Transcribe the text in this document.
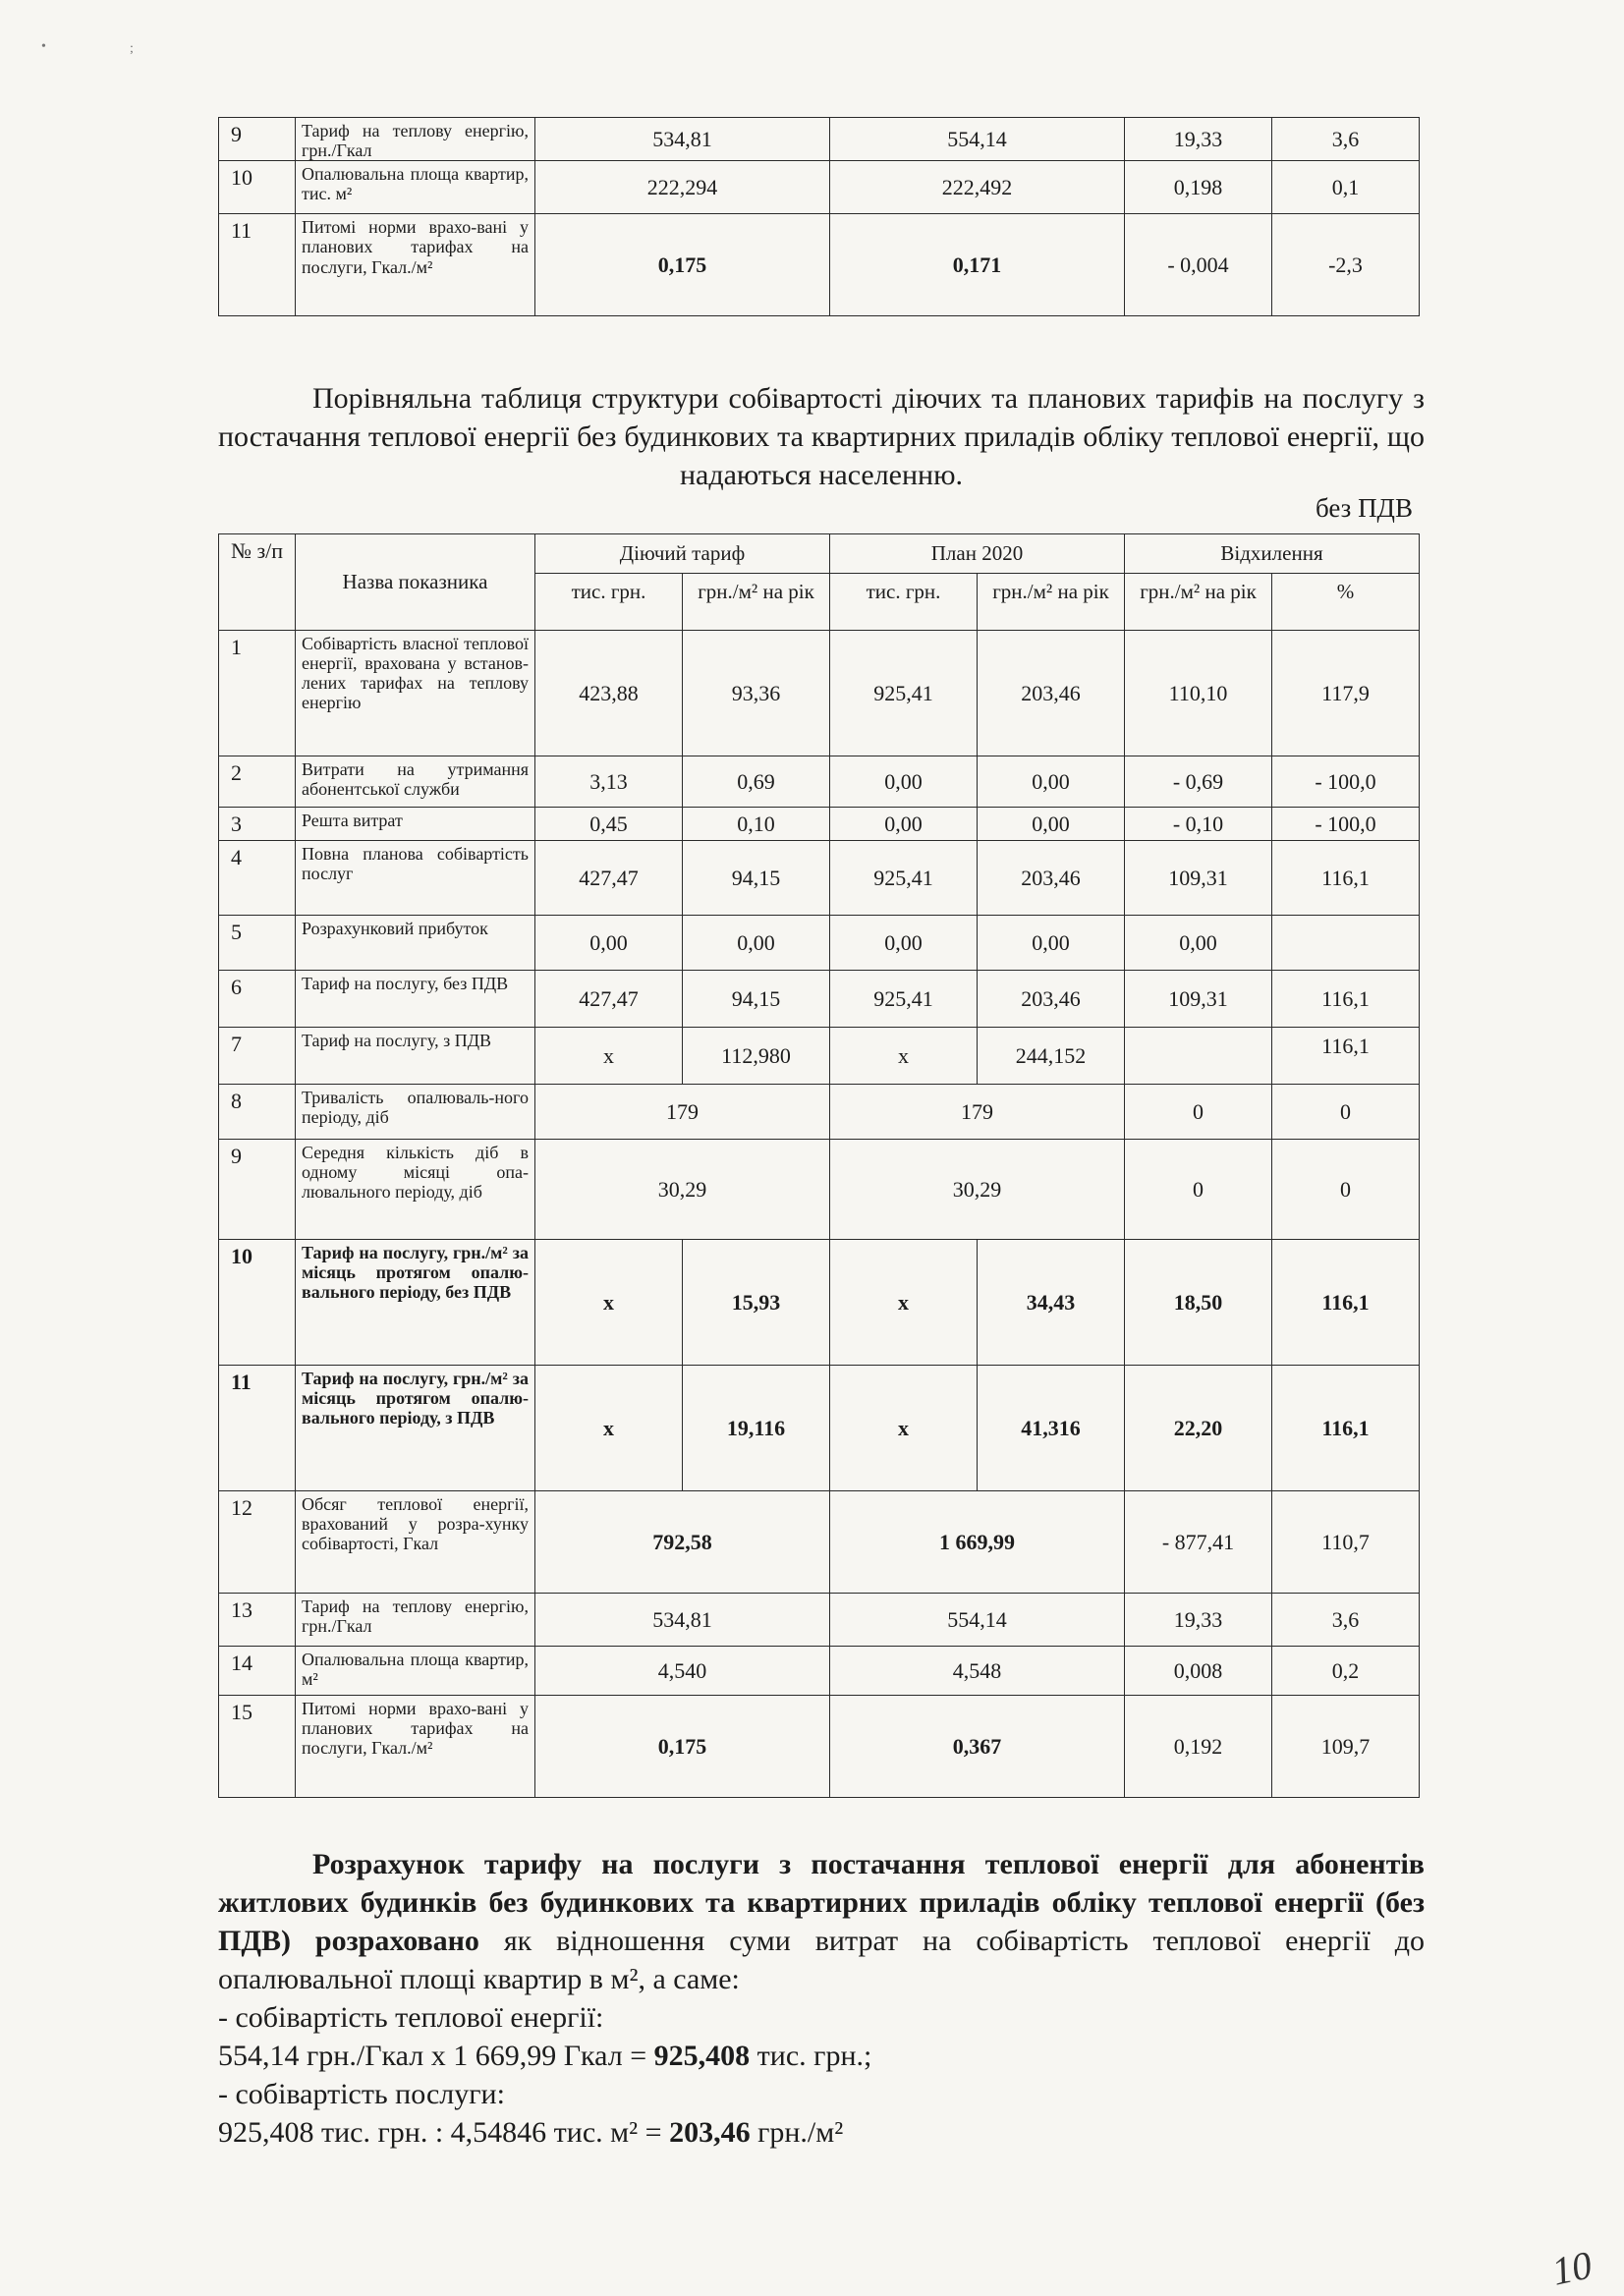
•	;
9	Тариф на теплову енергію, грн./Гкал	534,81	554,14	19,33	3,6
10	Опалювальна площа квартир, тис. м²	222,294	222,492	0,198	0,1
11	Питомі норми врахо-вані у планових тарифах на послуги, Гкал./м²	0,175	0,171	- 0,004	-2,3
Порівняльна таблиця структури собівартості діючих та планових тарифів на послугу з постачання теплової енергії без будинкових та квартирних приладів обліку теплової енергії, що надаються населенню.
без ПДВ
№ з/п	Назва показника	Діючий тариф		План 2020		Відхилення	
		тис. грн.	грн./м² на рік	тис. грн.	грн./м² на рік	грн./м² на рік	%
1	Собівартість власної теплової енергії, врахована у встанов-лених тарифах на теплову енергію	423,88	93,36	925,41	203,46	110,10	117,9
2	Витрати на утримання абонентської служби	3,13	0,69	0,00	0,00	- 0,69	- 100,0
3	Решта витрат	0,45	0,10	0,00	0,00	- 0,10	- 100,0
4	Повна планова собівартість послуг	427,47	94,15	925,41	203,46	109,31	116,1
5	Розрахунковий прибуток	0,00	0,00	0,00	0,00	0,00	
6	Тариф на послугу, без ПДВ	427,47	94,15	925,41	203,46	109,31	116,1
7	Тариф на послугу, з ПДВ	х	112,980	х	244,152		116,1
8	Тривалість опалюваль-ного періоду, діб	179		179		0	0
9	Середня кількість діб в одному місяці опа-лювального періоду, діб	30,29		30,29		0	0
10	Тариф на послугу, грн./м² за місяць протягом опалю-вального періоду, без ПДВ	х	15,93	х	34,43	18,50	116,1
11	Тариф на послугу, грн./м² за місяць протягом опалю-вального періоду, з ПДВ	х	19,116	х	41,316	22,20	116,1
12	Обсяг теплової енергії, врахований у розра-хунку собівартості, Гкал	792,58		1 669,99		- 877,41	110,7
13	Тариф на теплову енергію, грн./Гкал	534,81		554,14		19,33	3,6
14	Опалювальна площа квартир, м²	4,540		4,548		0,008	0,2
15	Питомі норми врахо-вані у планових тарифах на послуги, Гкал./м²	0,175		0,367		0,192	109,7
Розрахунок тарифу на послуги з постачання теплової енергії для абонентів житлових будинків без будинкових та квартирних приладів обліку теплової енергії (без ПДВ) розраховано як відношення суми витрат на собівартість теплової енергії до опалювальної площі квартир в м², а саме:
- собівартість теплової енергії:
554,14 грн./Гкал х 1 669,99 Гкал = 925,408 тис. грн.;
- собівартість послуги:
925,408 тис. грн. : 4,54846 тис. м² = 203,46 грн./м²
10
